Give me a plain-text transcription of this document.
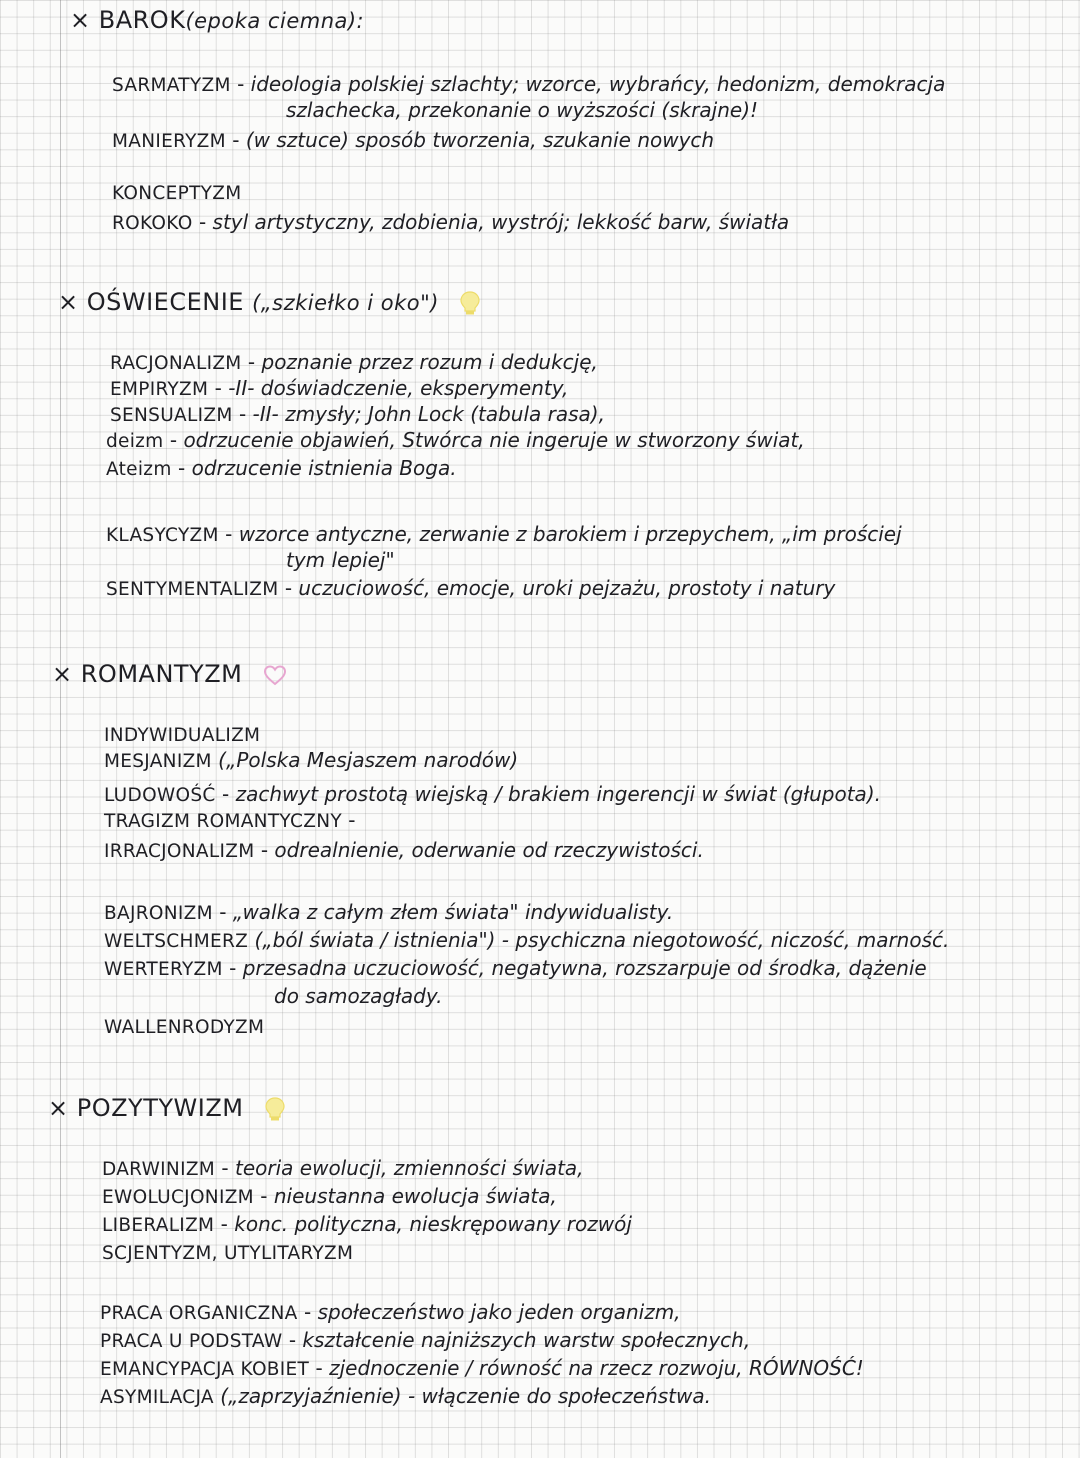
× BAROK(epoka ciemna):
SARMATYZM - ideologia polskiej szlachty; wzorce, wybrańcy, hedonizm, demokracja
szlachecka, przekonanie o wyższości (skrajne)!
MANIERYZM - (w sztuce) sposób tworzenia, szukanie nowych
KONCEPTYZM
ROKOKO - styl artystyczny, zdobienia, wystrój; lekkość barw, światła
× OŚWIECENIE („szkiełko i oko")
RACJONALIZM - poznanie przez rozum i dedukcję,
EMPIRYZM - -II- doświadczenie, eksperymenty,
SENSUALIZM - -II- zmysły; John Lock (tabula rasa),
deizm - odrzucenie objawień, Stwórca nie ingeruje w stworzony świat,
Ateizm - odrzucenie istnienia Boga.
KLASYCYZM - wzorce antyczne, zerwanie z barokiem i przepychem, „im prościej
tym lepiej"
SENTYMENTALIZM - uczuciowość, emocje, uroki pejzażu, prostoty i natury
× ROMANTYZM
INDYWIDUALIZM
MESJANIZM („Polska Mesjaszem narodów)
LUDOWOŚĆ - zachwyt prostotą wiejską / brakiem ingerencji w świat (głupota).
TRAGIZM ROMANTYCZNY -
IRRACJONALIZM - odrealnienie, oderwanie od rzeczywistości.
BAJRONIZM - „walka z całym złem świata" indywidualisty.
WELTSCHMERZ („ból świata / istnienia") - psychiczna niegotowość, niczość, marność.
WERTERYZM - przesadna uczuciowość, negatywna, rozszarpuje od środka, dążenie
do samozagłady.
WALLENRODYZM
× POZYTYWIZM
DARWINIZM - teoria ewolucji, zmienności świata,
EWOLUCJONIZM - nieustanna ewolucja świata,
LIBERALIZM - konc. polityczna, nieskrępowany rozwój
SCJENTYZM, UTYLITARYZM
PRACA ORGANICZNA - społeczeństwo jako jeden organizm,
PRACA U PODSTAW - kształcenie najniższych warstw społecznych,
EMANCYPACJA KOBIET - zjednoczenie / równość na rzecz rozwoju, RÓWNOŚĆ!
ASYMILACJA („zaprzyjaźnienie) - włączenie do społeczeństwa.
